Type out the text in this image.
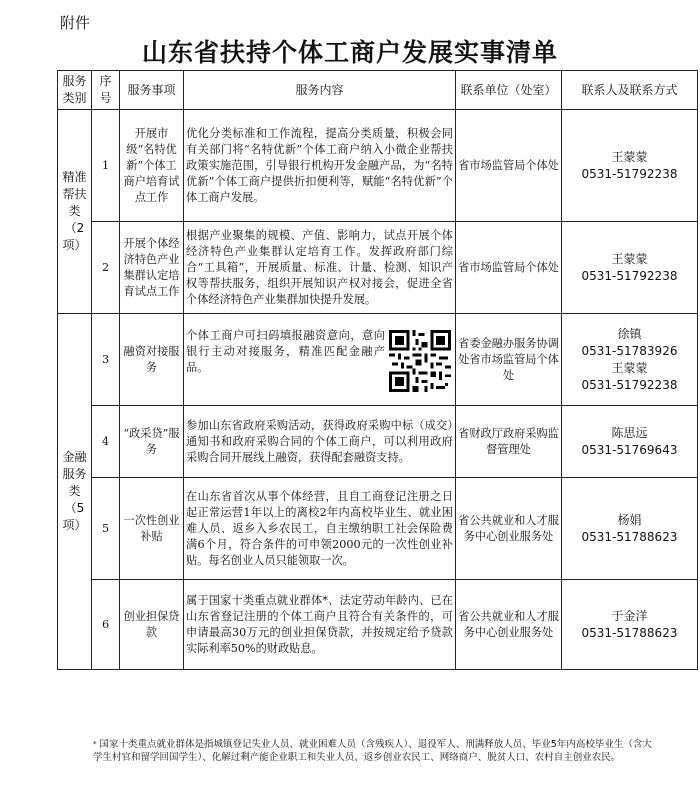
附件
山东省扶持个体工商户发展实事清单
服务类别	序号	服务事项	服务内容	联系单位（处室）	联系人及联系方式
精准帮扶类（2项）	1	开展市级“名特优新”个体工商户培育试点工作	优化分类标准和工作流程，提高分类质量，积极会同有关部门将“名特优新”个体工商户纳入小微企业帮扶政策实施范围，引导银行机构开发金融产品，为“名特优新”个体工商户提供折扣便利等，赋能“名特优新”个体工商户发展。	省市场监管局个体处	王蒙蒙
0531-51792238

	2	开展个体经济特色产业集群认定培育试点工作	根据产业聚集的规模、产值、影响力，试点开展个体经济特色产业集群认定培育工作。发挥政府部门综合“工具箱”，开展质量、标准、计量、检测、知识产权等帮扶服务，组织开展知识产权对接会，促进全省个体经济特色产业集群加快提升发展。	省市场监管局个体处	王蒙蒙
0531-51792238

金融服务类（5项）	3	融资对接服务	个体工商户可扫码填报融资意向，意向银行主动对接服务，精准匹配金融产品。	省委金融办服务协调处省市场监管局个体处	徐镇
0531-51783926
王蒙蒙
0531-51792238

	4	“政采贷”服务	参加山东省政府采购活动，获得政府采购中标（成交）通知书和政府采购合同的个体工商户，可以利用政府采购合同开展线上融资，获得配套融资支持。	省财政厅政府采购监督管理处	陈思远
0531-51769643

	5	一次性创业补贴	在山东省首次从事个体经营，且自工商登记注册之日起正常运营1年以上的离校2年内高校毕业生、就业困难人员、返乡入乡农民工，自主缴纳职工社会保险费满6个月，符合条件的可申领2000元的一次性创业补贴。每名创业人员只能领取一次。	省公共就业和人才服务中心创业服务处	杨娟
0531-51788623

	6	创业担保贷款	属于国家十类重点就业群体*、法定劳动年龄内、已在山东省登记注册的个体工商户且符合有关条件的，可申请最高30万元的创业担保贷款，并按规定给予贷款实际利率50%的财政贴息。	省公共就业和人才服务中心创业服务处	于金洋
0531-51788623
* 国家十类重点就业群体是指城镇登记失业人员、就业困难人员（含残疾人）、退役军人、刑满释放人员、毕业5年内高校毕业生（含大学生村官和留学回国学生）、化解过剩产能企业职工和失业人员、返乡创业农民工、网络商户、脱贫人口、农村自主创业农民。
